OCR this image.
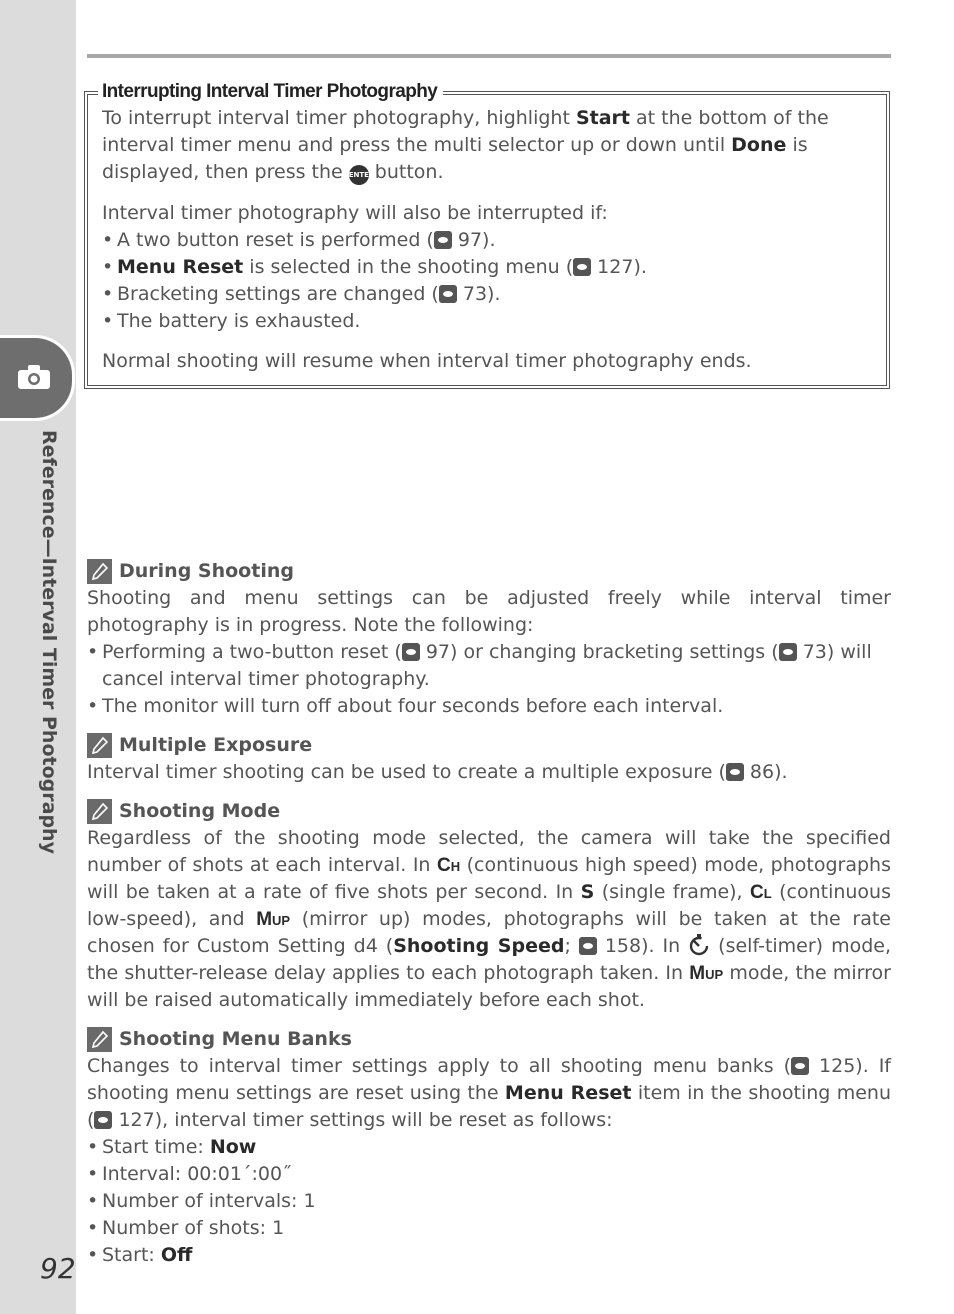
Reference—Interval Timer Photography
92
Interrupting Interval Timer Photography

To interrupt interval timer photography, highlight Start at the bottom of the interval timer menu and press the multi selector up or down until Done is displayed, then press the ENTER button.

Interval timer photography will also be interrupted if:

• A two button reset is performed ( 97).
• Menu Reset is selected in the shooting menu ( 127).
• Bracketing settings are changed ( 73).
• The battery is exhausted.

Normal shooting will resume when interval timer photography ends.

During Shooting

Shooting and menu settings can be adjusted freely while interval timer photography is in progress. Note the following:

• Performing a two-button reset ( 97) or changing bracketing settings ( 73) will cancel interval timer photography.
• The monitor will turn off about four seconds before each interval.
Multiple Exposure

Interval timer shooting can be used to create a multiple exposure ( 86).

Shooting Mode

Regardless of the shooting mode selected, the camera will take the specified number of shots at each interval. In Ch (continuous high speed) mode, photographs will be taken at a rate of five shots per second. In S (single frame), Cl (continuous low-speed), and Mup (mirror up) modes, photographs will be taken at the rate chosen for Custom Setting d4 (Shooting Speed;  158). In  (self-timer) mode, the shutter-release delay applies to each photograph taken. In Mup mode, the mirror will be raised automatically immediately before each shot.

Shooting Menu Banks

Changes to interval timer settings apply to all shooting menu banks ( 125). If shooting menu settings are reset using the Menu Reset item in the shooting menu ( 127), interval timer settings will be reset as follows:

• Start time: Now
• Interval: 00:01´:00˝
• Number of intervals: 1
• Number of shots: 1
• Start: Off
